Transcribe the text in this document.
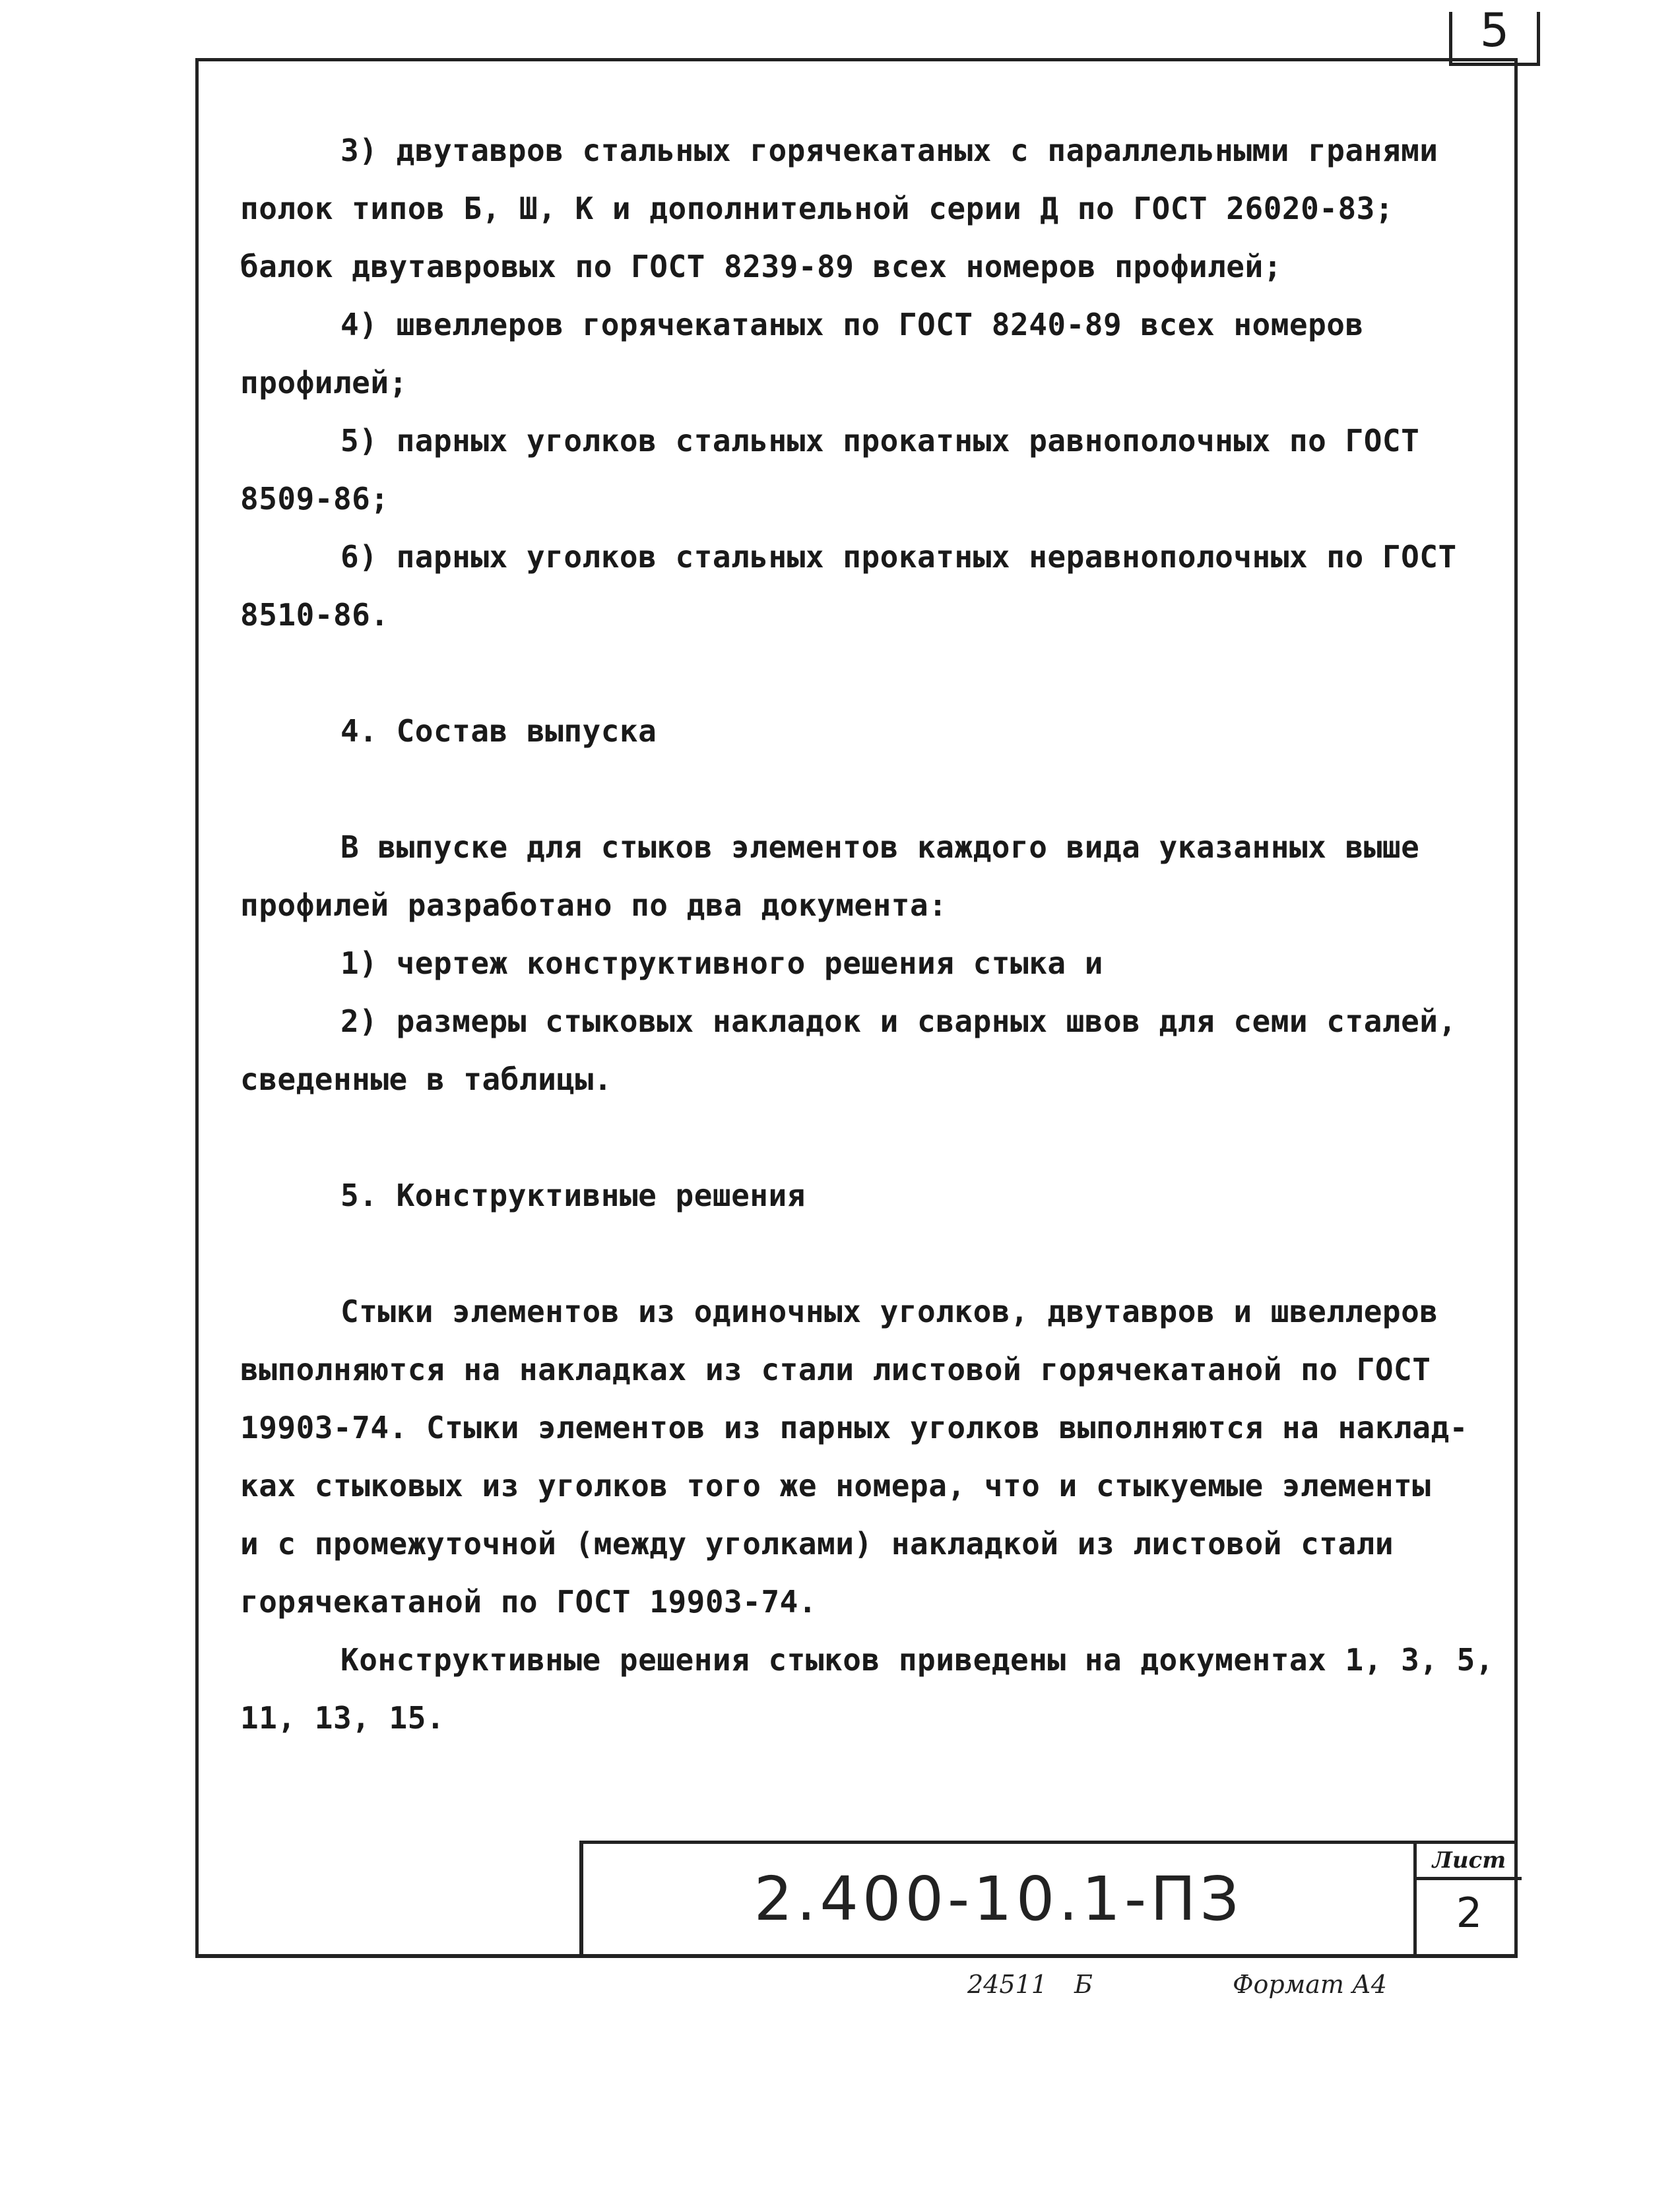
5
3) двутавров стальных горячекатаных с параллельными гранями
полок типов Б, Ш, К и дополнительной серии Д по ГОСТ 26020-83;
балок двутавровых по ГОСТ 8239-89 всех номеров профилей;
4) швеллеров горячекатаных по ГОСТ 8240-89 всех номеров
профилей;
5) парных уголков стальных прокатных равнополочных по ГОСТ
8509-86;
6) парных уголков стальных прокатных неравнополочных по ГОСТ
8510-86.
4. Состав выпуска
В выпуске для стыков элементов каждого вида указанных выше
профилей разработано по два документа:
1) чертеж конструктивного решения стыка и
2) размеры стыковых накладок и сварных швов для семи сталей,
сведенные в таблицы.
5. Конструктивные решения
Стыки элементов из одиночных уголков, двутавров и швеллеров
выполняются на накладках из стали листовой горячекатаной по ГОСТ
19903-74. Стыки элементов из парных уголков выполняются на наклад-
ках стыковых из уголков того же номера, что и стыкуемые элементы
и с промежуточной (между уголками) накладкой из листовой стали
горячекатаной по ГОСТ 19903-74.
Конструктивные решения стыков приведены на документах 1, 3, 5,
11, 13, 15.
2.400-10.1-ПЗ
Лист
2
24511 Б	Формат А4
